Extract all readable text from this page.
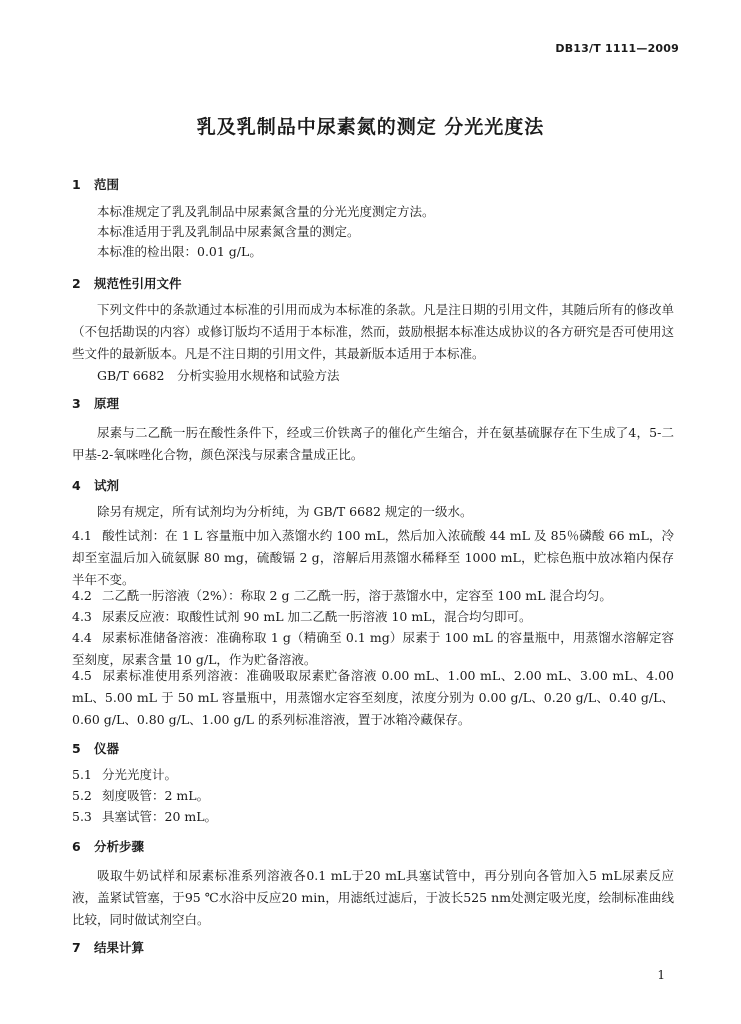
DB13/T 1111—2009
乳及乳制品中尿素氮的测定 分光光度法
1 范围
本标准规定了乳及乳制品中尿素氮含量的分光光度测定方法。
本标准适用于乳及乳制品中尿素氮含量的测定。
本标准的检出限：0.01 g/L。
2 规范性引用文件

下列文件中的条款通过本标准的引用而成为本标准的条款。凡是注日期的引用文件，其随后所有的修改单（不包括勘误的内容）或修订版均不适用于本标准，然而，鼓励根据本标准达成协议的各方研究是否可使用这些文件的最新版本。凡是不注日期的引用文件，其最新版本适用于本标准。

GB/T 6682　分析实验用水规格和试验方法
3 原理

尿素与二乙酰一肟在酸性条件下，经或三价铁离子的催化产生缩合，并在氨基硫脲存在下生成了4，5-二甲基-2-氧咪唑化合物，颜色深浅与尿素含量成正比。

4 试剂
除另有规定，所有试剂均为分析纯，为 GB/T 6682 规定的一级水。

4.1 酸性试剂：在 1 L 容量瓶中加入蒸馏水约 100 mL，然后加入浓硫酸 44 mL 及 85％磷酸 66 mL，冷却至室温后加入硫氨脲 80 mg，硫酸镉 2 g，溶解后用蒸馏水稀释至 1000 mL，贮棕色瓶中放冰箱内保存半年不变。

4.2 二乙酰一肟溶液（2%）：称取 2 g 二乙酰一肟，溶于蒸馏水中，定容至 100 mL 混合均匀。

4.3 尿素反应液：取酸性试剂 90 mL 加二乙酰一肟溶液 10 mL，混合均匀即可。

4.4 尿素标准储备溶液：准确称取 1 g（精确至 0.1 mg）尿素于 100 mL 的容量瓶中，用蒸馏水溶解定容至刻度，尿素含量 10 g/L，作为贮备溶液。

4.5 尿素标准使用系列溶液：准确吸取尿素贮备溶液 0.00 mL、1.00 mL、2.00 mL、3.00 mL、4.00 mL、5.00 mL 于 50 mL 容量瓶中，用蒸馏水定容至刻度，浓度分别为 0.00 g/L、0.20 g/L、0.40 g/L、0.60 g/L、0.80 g/L、1.00 g/L 的系列标准溶液，置于冰箱冷藏保存。

5 仪器

5.1 分光光度计。

5.2 刻度吸管：2 mL。

5.3 具塞试管：20 mL。

6 分析步骤

吸取牛奶试样和尿素标准系列溶液各0.1 mL于20 mL具塞试管中，再分别向各管加入5 mL尿素反应液，盖紧试管塞，于95 ℃水浴中反应20 min，用滤纸过滤后，于波长525 nm处测定吸光度，绘制标准曲线比较，同时做试剂空白。

7 结果计算
1
